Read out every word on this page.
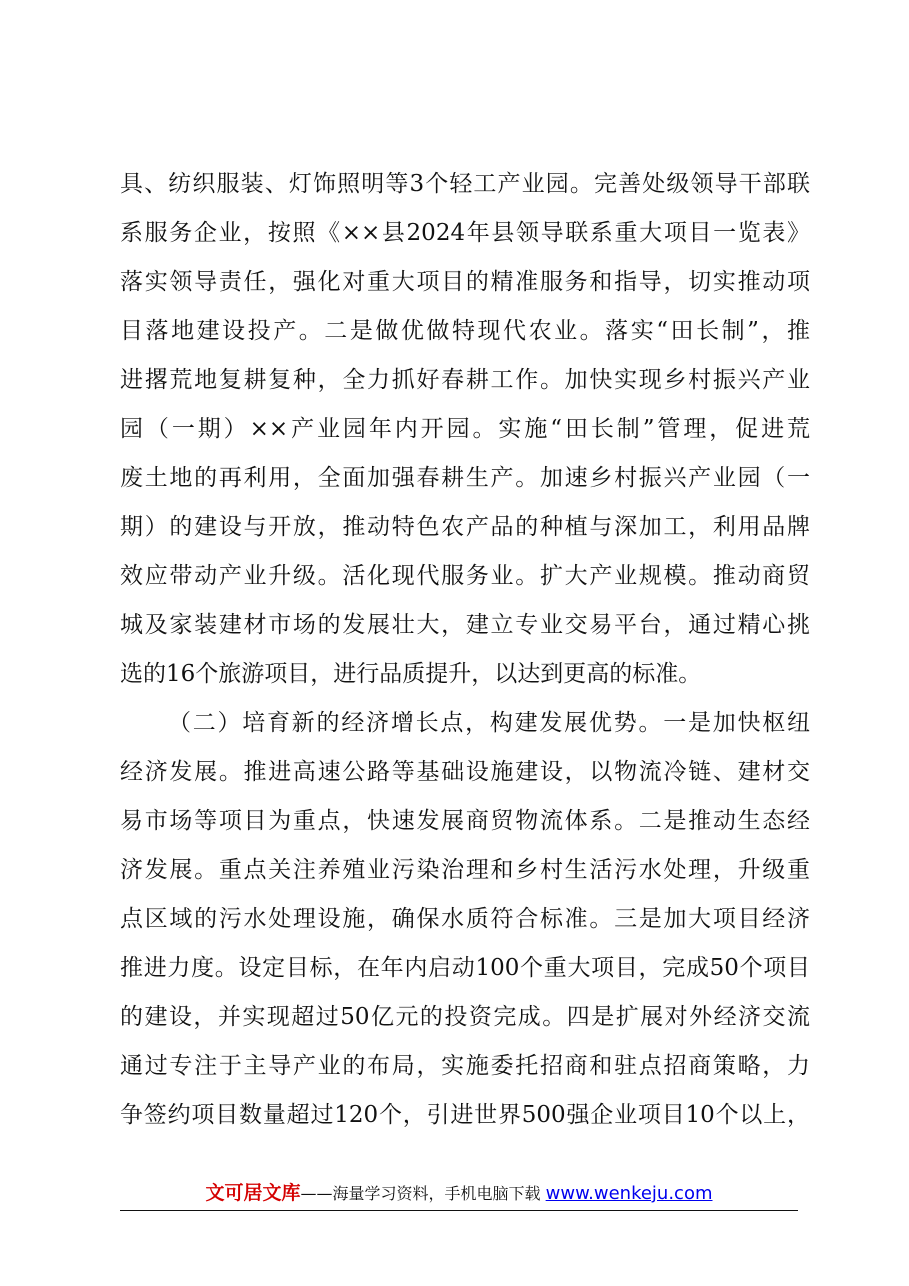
具、纺织服装、灯饰照明等3个轻工产业园。完善处级领导干部联
系服务企业，按照《××县2024年县领导联系重大项目一览表》
落实领导责任，强化对重大项目的精准服务和指导，切实推动项
目落地建设投产。二是做优做特现代农业。落实“田长制”，推
进撂荒地复耕复种，全力抓好春耕工作。加快实现乡村振兴产业
园（一期）××产业园年内开园。实施“田长制”管理，促进荒
废土地的再利用，全面加强春耕生产。加速乡村振兴产业园（一
期）的建设与开放，推动特色农产品的种植与深加工，利用品牌
效应带动产业升级。活化现代服务业。扩大产业规模。推动商贸
城及家装建材市场的发展壮大，建立专业交易平台，通过精心挑
选的16个旅游项目，进行品质提升，以达到更高的标准。
（二）培育新的经济增长点，构建发展优势。一是加快枢纽
经济发展。推进高速公路等基础设施建设，以物流冷链、建材交
易市场等项目为重点，快速发展商贸物流体系。二是推动生态经
济发展。重点关注养殖业污染治理和乡村生活污水处理，升级重
点区域的污水处理设施，确保水质符合标准。三是加大项目经济
推进力度。设定目标，在年内启动100个重大项目，完成50个项目
的建设，并实现超过50亿元的投资完成。四是扩展对外经济交流
通过专注于主导产业的布局，实施委托招商和驻点招商策略，力
争签约项目数量超过120个，引进世界500强企业项目10个以上，
文可居文库——海量学习资料，手机电脑下载 www.wenkeju.com
